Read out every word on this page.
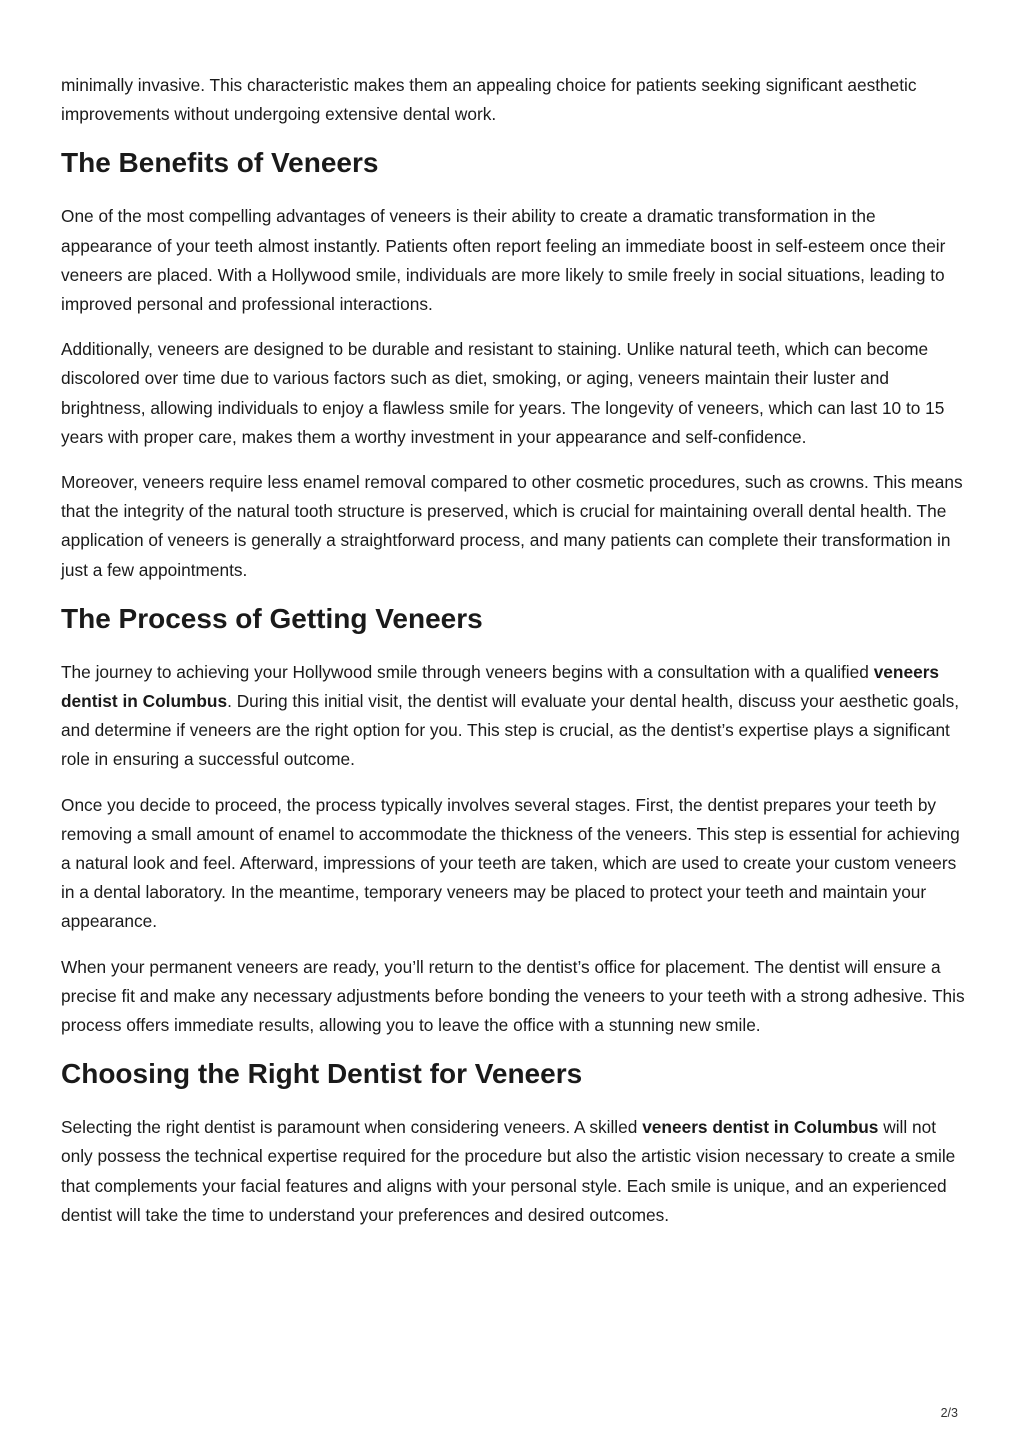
minimally invasive. This characteristic makes them an appealing choice for patients seeking significant aesthetic improvements without undergoing extensive dental work.

The Benefits of Veneers

One of the most compelling advantages of veneers is their ability to create a dramatic transformation in the appearance of your teeth almost instantly. Patients often report feeling an immediate boost in self-esteem once their veneers are placed. With a Hollywood smile, individuals are more likely to smile freely in social situations, leading to improved personal and professional interactions.

Additionally, veneers are designed to be durable and resistant to staining. Unlike natural teeth, which can become discolored over time due to various factors such as diet, smoking, or aging, veneers maintain their luster and brightness, allowing individuals to enjoy a flawless smile for years. The longevity of veneers, which can last 10 to 15 years with proper care, makes them a worthy investment in your appearance and self-confidence.

Moreover, veneers require less enamel removal compared to other cosmetic procedures, such as crowns. This means that the integrity of the natural tooth structure is preserved, which is crucial for maintaining overall dental health. The application of veneers is generally a straightforward process, and many patients can complete their transformation in just a few appointments.

The Process of Getting Veneers

The journey to achieving your Hollywood smile through veneers begins with a consultation with a qualified veneers dentist in Columbus. During this initial visit, the dentist will evaluate your dental health, discuss your aesthetic goals, and determine if veneers are the right option for you. This step is crucial, as the dentist’s expertise plays a significant role in ensuring a successful outcome.

Once you decide to proceed, the process typically involves several stages. First, the dentist prepares your teeth by removing a small amount of enamel to accommodate the thickness of the veneers. This step is essential for achieving a natural look and feel. Afterward, impressions of your teeth are taken, which are used to create your custom veneers in a dental laboratory. In the meantime, temporary veneers may be placed to protect your teeth and maintain your appearance.

When your permanent veneers are ready, you’ll return to the dentist’s office for placement. The dentist will ensure a precise fit and make any necessary adjustments before bonding the veneers to your teeth with a strong adhesive. This process offers immediate results, allowing you to leave the office with a stunning new smile.

Choosing the Right Dentist for Veneers

Selecting the right dentist is paramount when considering veneers. A skilled veneers dentist in Columbus will not only possess the technical expertise required for the procedure but also the artistic vision necessary to create a smile that complements your facial features and aligns with your personal style. Each smile is unique, and an experienced dentist will take the time to understand your preferences and desired outcomes.

2/3
